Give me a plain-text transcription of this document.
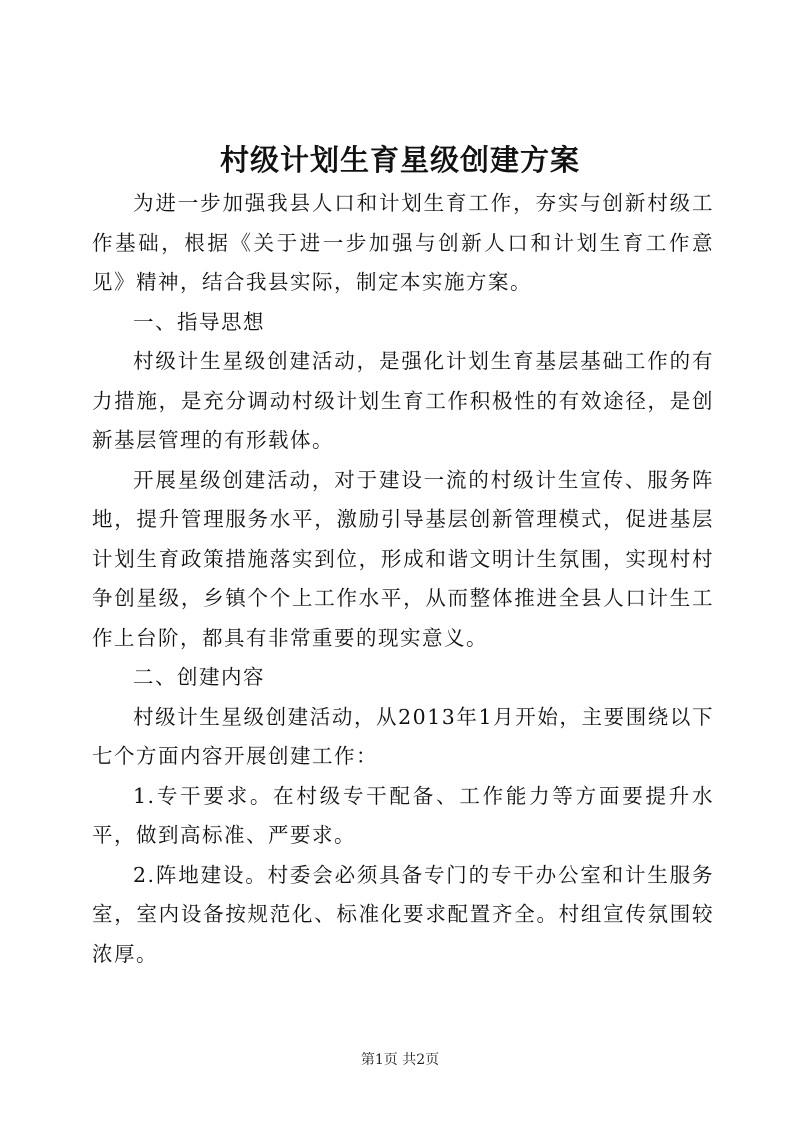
村级计划生育星级创建方案

为进一步加强我县人口和计划生育工作，夯实与创新村级工作基础，根据《关于进一步加强与创新人口和计划生育工作意见》精神，结合我县实际，制定本实施方案。

一、指导思想

村级计生星级创建活动，是强化计划生育基层基础工作的有力措施，是充分调动村级计划生育工作积极性的有效途径，是创新基层管理的有形载体。

开展星级创建活动，对于建设一流的村级计生宣传、服务阵地，提升管理服务水平，激励引导基层创新管理模式，促进基层计划生育政策措施落实到位，形成和谐文明计生氛围，实现村村争创星级，乡镇个个上工作水平，从而整体推进全县人口计生工作上台阶，都具有非常重要的现实意义。

二、创建内容

村级计生星级创建活动，从2013年1月开始，主要围绕以下七个方面内容开展创建工作：

1.专干要求。在村级专干配备、工作能力等方面要提升水平，做到高标准、严要求。

2.阵地建设。村委会必须具备专门的专干办公室和计生服务室，室内设备按规范化、标准化要求配置齐全。村组宣传氛围较浓厚。

第1页 共2页
